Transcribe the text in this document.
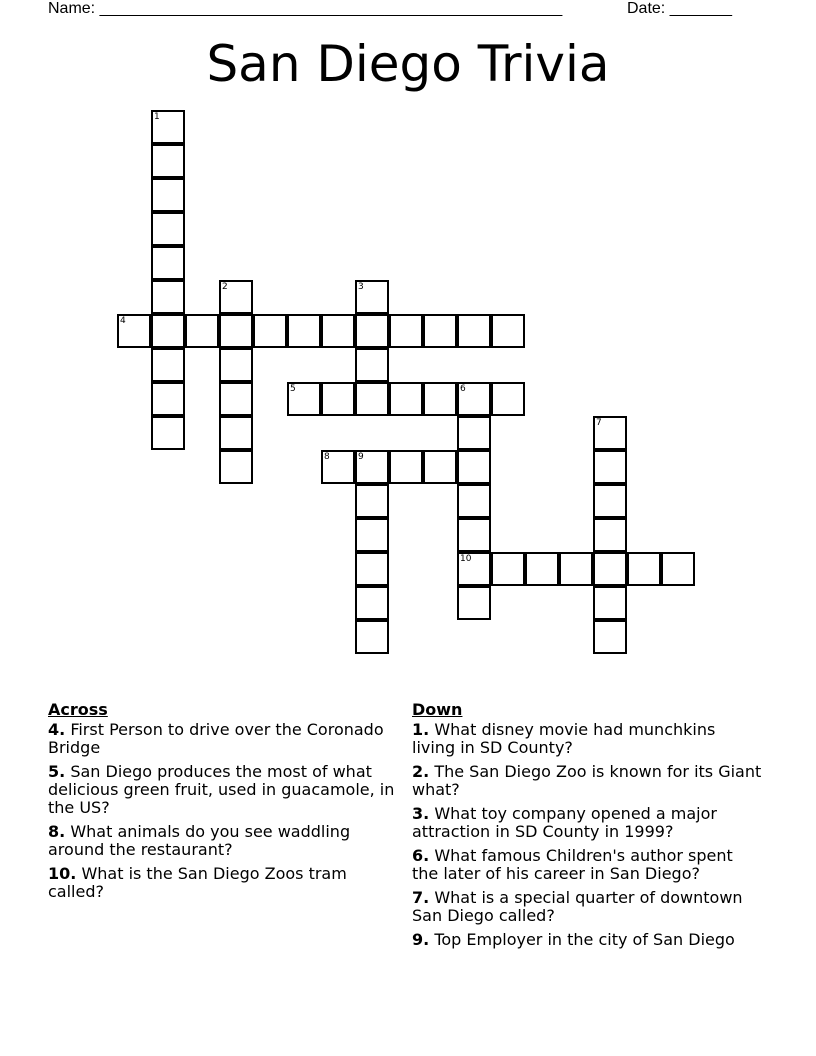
Name: ____________________________________________________	Date: _______
San Diego Trivia
1
2	3
4
5	6
7
8	9
10
Across
4. First Person to drive over the Coronado Bridge
5. San Diego produces the most of what delicious green fruit, used in guacamole, in the US?
8. What animals do you see waddling around the restaurant?
10. What is the San Diego Zoos tram called?
Down
1. What disney movie had munchkins living in SD County?
2. The San Diego Zoo is known for its Giant what?
3. What toy company opened a major attraction in SD County in 1999?
6. What famous Children's author spent the later of his career in San Diego?
7. What is a special quarter of downtown San Diego called?
9. Top Employer in the city of San Diego
